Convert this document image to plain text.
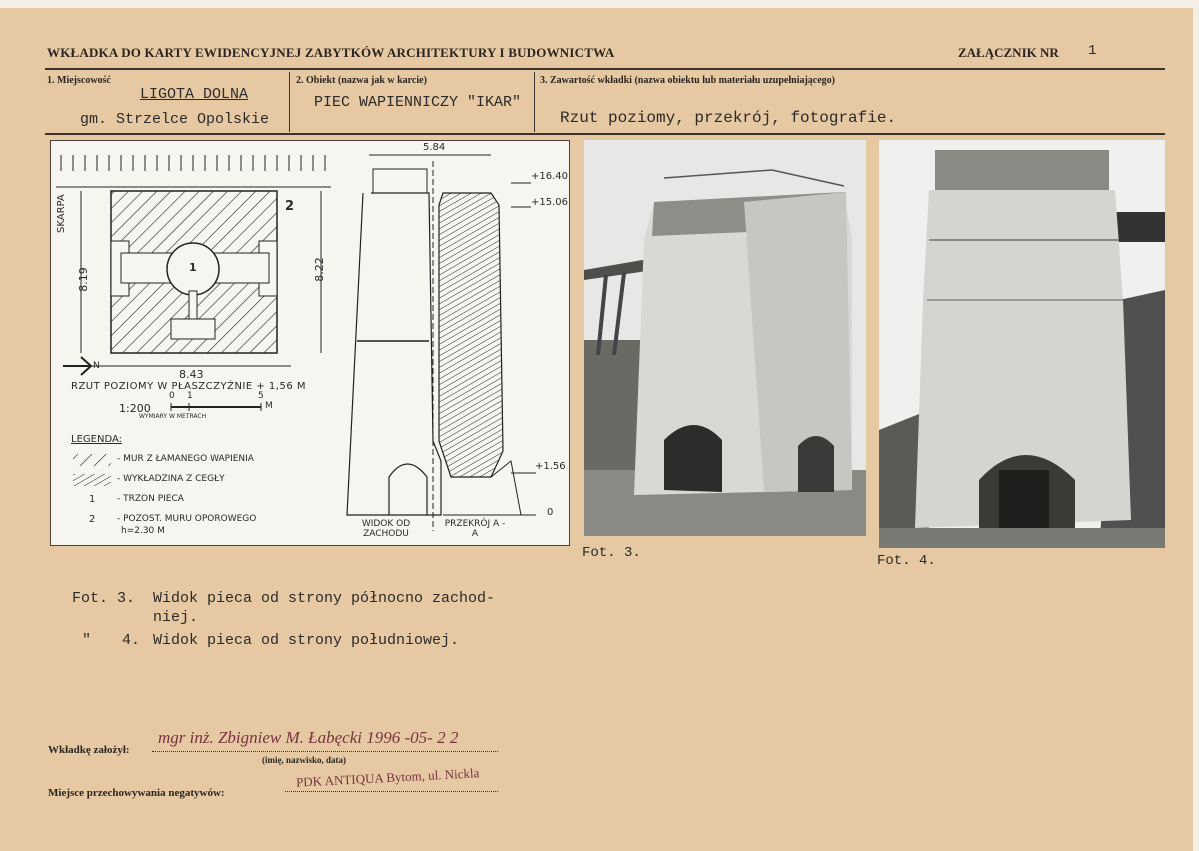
WKŁADKA DO KARTY EWIDENCYJNEJ ZABYTKÓW ARCHITEKTURY I BUDOWNICTWA	ZAŁĄCZNIK NR 1
1. Miejscowość
LIGOTA DOLNA
gm. Strzelce Opolskie
2. Obiekt (nazwa jak w karcie)
PIEC WAPIENNICZY "IKAR"
3. Zawartość wkładki (nazwa obiektu lub materiału uzupełniającego)
Rzut poziomy, przekrój, fotografie.
SKARPA
8.19	8.22
8.43
5.84
2
1
+16.40
+15.06
+1.56
0
N
RZUT POZIOMY W PŁASZCZYŹNIE + 1,56 M
1:200
0 1	5
M
WYMIARY W METRACH
LEGENDA:
- MUR Z ŁAMANEGO WAPIENIA
- WYKŁADZINA Z CEGŁY
1 - TRZON PIECA
2 - POZOST. MURU OPOROWEGO
h=2.30 M
WIDOK OD ZACHODU
PRZEKRÓJ A - A
Fot. 3.	Fot. 4.
Fot. 3. Widok pieca od strony północno zachod-
niej.
" 4. Widok pieca od strony południowej.
Wkładkę założył:
mgr inż. Zbigniew M. Łabęcki 1996 -05- 2 2
(imię, nazwisko, data)
Miejsce przechowywania negatywów:
PDK ANTIQUA Bytom, ul. Nickla
